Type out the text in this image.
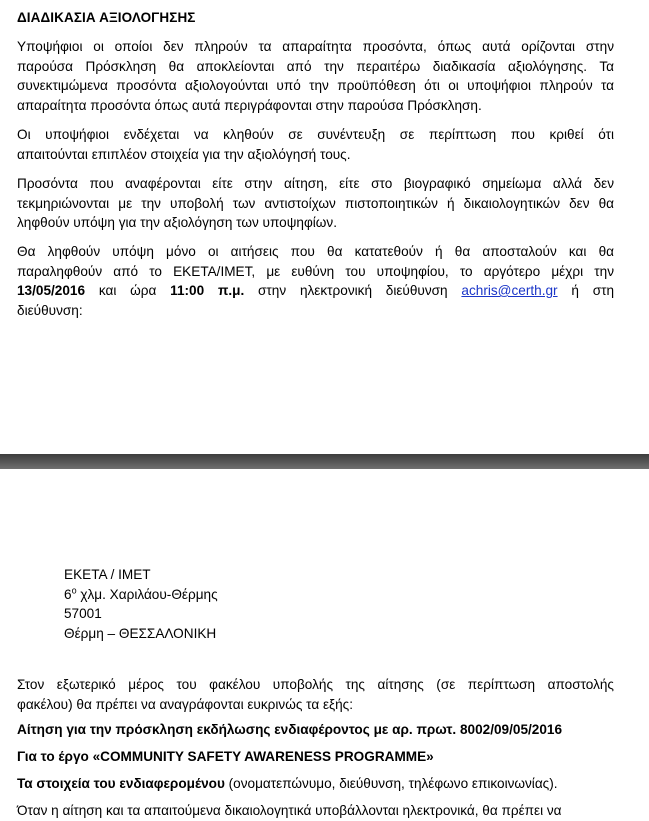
ΔΙΑΔΙΚΑΣΙΑ ΑΞΙΟΛΟΓΗΣΗΣ
Υποψήφιοι οι οποίοι δεν πληρούν τα απαραίτητα προσόντα, όπως αυτά ορίζονται στην
παρούσα Πρόσκληση θα αποκλείονται από την περαιτέρω διαδικασία αξιολόγησης. Τα
συνεκτιμώμενα προσόντα αξιολογούνται υπό την προϋπόθεση ότι οι υποψήφιοι πληρούν τα
απαραίτητα προσόντα όπως αυτά περιγράφονται στην παρούσα Πρόσκληση.
Οι υποψήφιοι ενδέχεται να κληθούν σε συνέντευξη σε περίπτωση που κριθεί ότι
απαιτούνται επιπλέον στοιχεία για την αξιολόγησή τους.
Προσόντα που αναφέρονται είτε στην αίτηση, είτε στο βιογραφικό σημείωμα αλλά δεν
τεκμηριώνονται με την υποβολή των αντιστοίχων πιστοποιητικών ή δικαιολογητικών δεν θα
ληφθούν υπόψη για την αξιολόγηση των υποψηφίων.
Θα ληφθούν υπόψη μόνο οι αιτήσεις που θα κατατεθούν ή θα αποσταλούν και θα
παραληφθούν από το ΕΚΕΤΑ/ΙΜΕΤ, με ευθύνη του υποψηφίου, το αργότερο μέχρι την
13/05/2016 και ώρα 11:00 π.μ. στην ηλεκτρονική διεύθυνση achris@certh.gr ή στη
διεύθυνση:
ΕΚΕΤΑ / ΙΜΕΤ
$6^o$ χλμ. Χαριλάου-Θέρμης
57001
Θέρμη – ΘΕΣΣΑΛΟΝΙΚΗ
Στον εξωτερικό μέρος του φακέλου υποβολής της αίτησης (σε περίπτωση αποστολής
φακέλου) θα πρέπει να αναγράφονται ευκρινώς τα εξής:
Αίτηση για την πρόσκληση εκδήλωσης ενδιαφέροντος με αρ. πρωτ. 8002/09/05/2016
Για το έργο «COMMUNITY SAFETY AWARENESS PROGRAMME»
Τα στοιχεία του ενδιαφερομένου (ονοματεπώνυμο, διεύθυνση, τηλέφωνο επικοινωνίας).
Όταν η αίτηση και τα απαιτούμενα δικαιολογητικά υποβάλλονται ηλεκτρονικά, θα πρέπει να
